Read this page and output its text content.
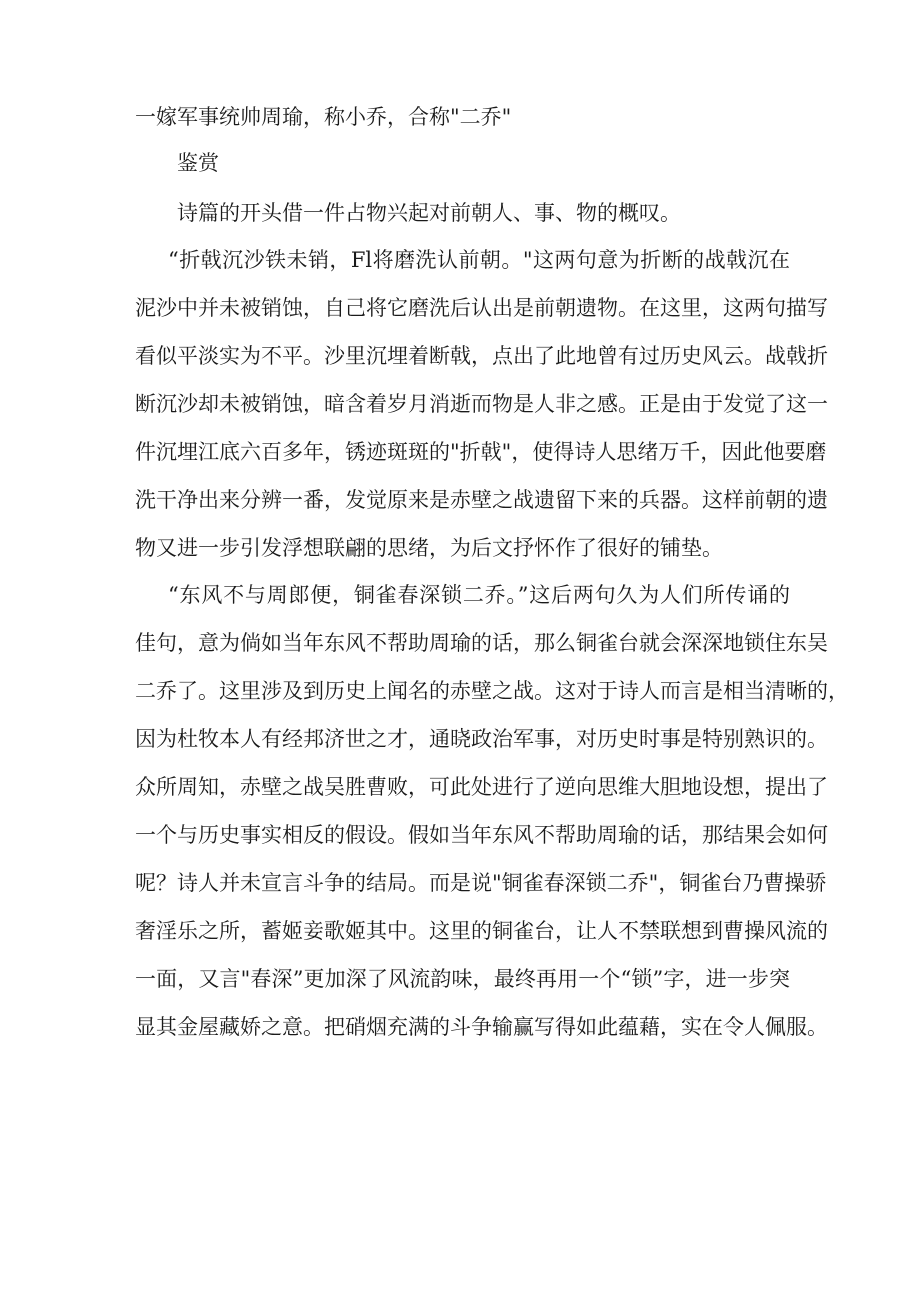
一嫁军事统帅周瑜，称小乔，合称"二乔"
鉴赏
诗篇的开头借一件占物兴起对前朝人、事、物的概叹。
“折戟沉沙铁未销，Fl将磨洗认前朝。"这两句意为折断的战戟沉在
泥沙中并未被销蚀，自己将它磨洗后认出是前朝遗物。在这里，这两句描写
看似平淡实为不平。沙里沉埋着断戟，点出了此地曾有过历史风云。战戟折
断沉沙却未被销蚀，暗含着岁月消逝而物是人非之感。正是由于发觉了这一
件沉埋江底六百多年，锈迹斑斑的"折戟"，使得诗人思绪万千，因此他要磨
洗干净出来分辨一番，发觉原来是赤壁之战遗留下来的兵器。这样前朝的遗
物又进一步引发浮想联翩的思绪，为后文抒怀作了很好的铺垫。
“东风不与周郎便，铜雀春深锁二乔。”这后两句久为人们所传诵的
佳句，意为倘如当年东风不帮助周瑜的话，那么铜雀台就会深深地锁住东吴
二乔了。这里涉及到历史上闻名的赤壁之战。这对于诗人而言是相当清晰的，
因为杜牧本人有经邦济世之才，通晓政治军事，对历史时事是特别熟识的。
众所周知，赤壁之战吴胜曹败，可此处进行了逆向思维大胆地设想，提出了
一个与历史事实相反的假设。假如当年东风不帮助周瑜的话，那结果会如何
呢？诗人并未宣言斗争的结局。而是说"铜雀春深锁二乔"，铜雀台乃曹操骄
奢淫乐之所，蓄姬妾歌姬其中。这里的铜雀台，让人不禁联想到曹操风流的
一面，又言"春深”更加深了风流韵味，最终再用一个“锁”字，进一步突
显其金屋藏娇之意。把硝烟充满的斗争输赢写得如此蕴藉，实在令人佩服。
